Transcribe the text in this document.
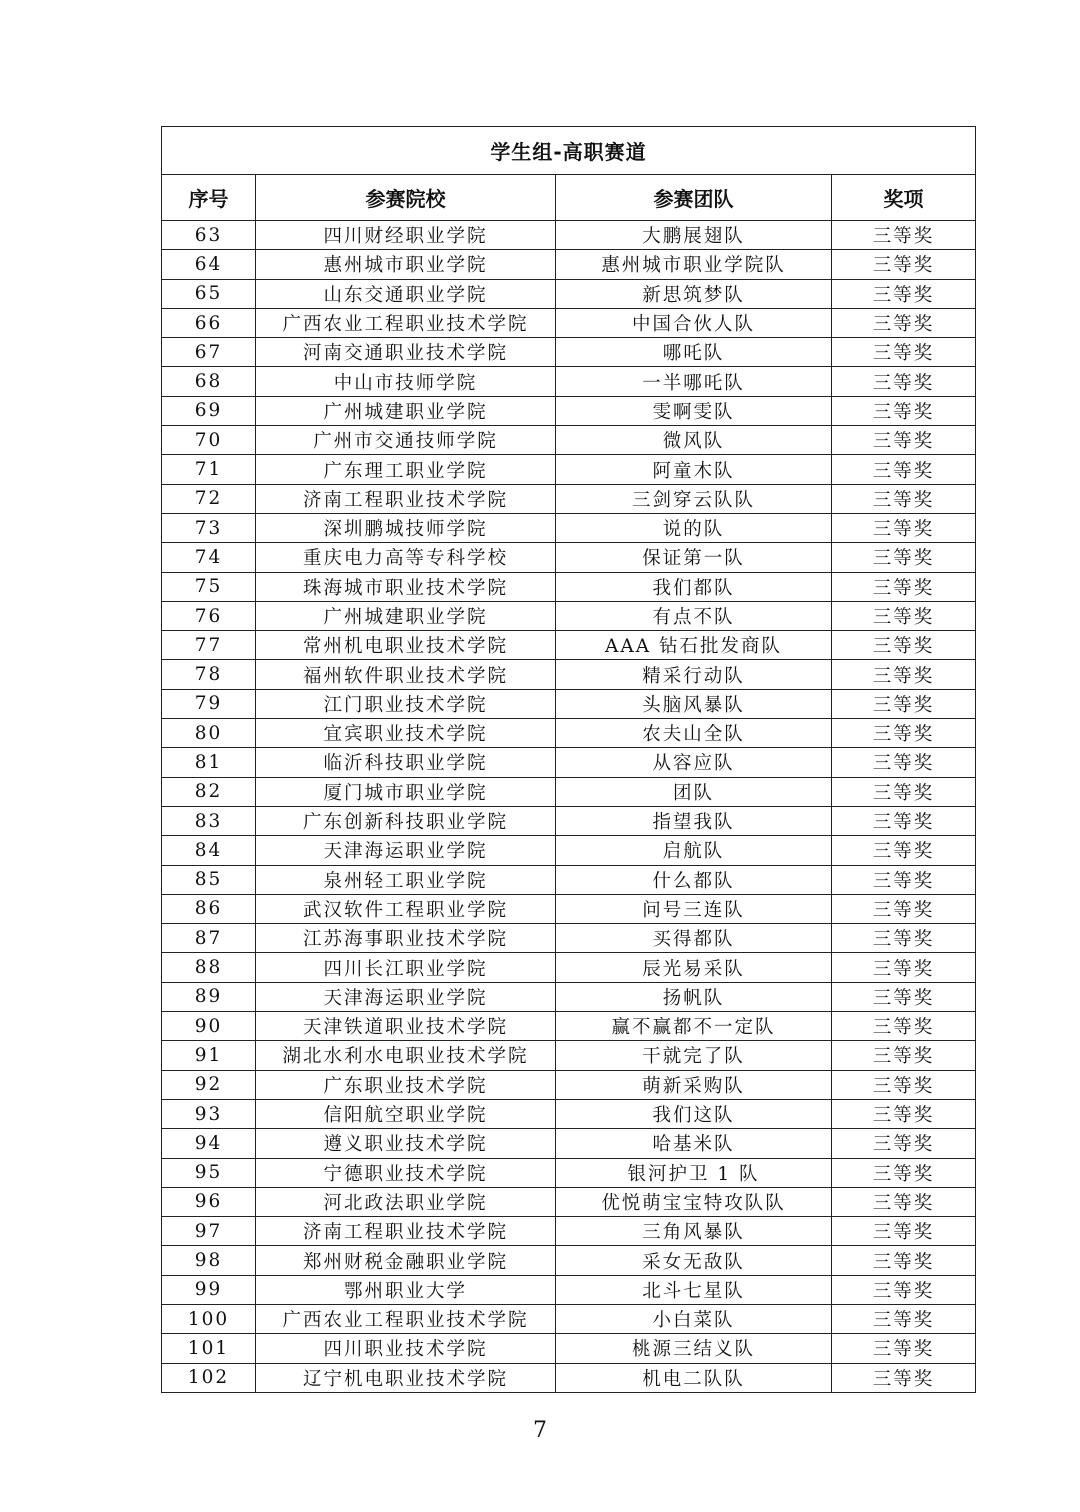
学生组-高职赛道			
序号	参赛院校	参赛团队	奖项
63	四川财经职业学院	大鹏展翅队	三等奖
64	惠州城市职业学院	惠州城市职业学院队	三等奖
65	山东交通职业学院	新思筑梦队	三等奖
66	广西农业工程职业技术学院	中国合伙人队	三等奖
67	河南交通职业技术学院	哪吒队	三等奖
68	中山市技师学院	一半哪吒队	三等奖
69	广州城建职业学院	雯啊雯队	三等奖
70	广州市交通技师学院	微风队	三等奖
71	广东理工职业学院	阿童木队	三等奖
72	济南工程职业技术学院	三剑穿云队队	三等奖
73	深圳鹏城技师学院	说的队	三等奖
74	重庆电力高等专科学校	保证第一队	三等奖
75	珠海城市职业技术学院	我们都队	三等奖
76	广州城建职业学院	有点不队	三等奖
77	常州机电职业技术学院	AAA 钻石批发商队	三等奖
78	福州软件职业技术学院	精采行动队	三等奖
79	江门职业技术学院	头脑风暴队	三等奖
80	宜宾职业技术学院	农夫山全队	三等奖
81	临沂科技职业学院	从容应队	三等奖
82	厦门城市职业学院	团队	三等奖
83	广东创新科技职业学院	指望我队	三等奖
84	天津海运职业学院	启航队	三等奖
85	泉州轻工职业学院	什么都队	三等奖
86	武汉软件工程职业学院	问号三连队	三等奖
87	江苏海事职业技术学院	买得都队	三等奖
88	四川长江职业学院	辰光易采队	三等奖
89	天津海运职业学院	扬帆队	三等奖
90	天津铁道职业技术学院	赢不赢都不一定队	三等奖
91	湖北水利水电职业技术学院	干就完了队	三等奖
92	广东职业技术学院	萌新采购队	三等奖
93	信阳航空职业学院	我们这队	三等奖
94	遵义职业技术学院	哈基米队	三等奖
95	宁德职业技术学院	银河护卫 1 队	三等奖
96	河北政法职业学院	优悦萌宝宝特攻队队	三等奖
97	济南工程职业技术学院	三角风暴队	三等奖
98	郑州财税金融职业学院	采女无敌队	三等奖
99	鄂州职业大学	北斗七星队	三等奖
100	广西农业工程职业技术学院	小白菜队	三等奖
101	四川职业技术学院	桃源三结义队	三等奖
102	辽宁机电职业技术学院	机电二队队	三等奖
7
